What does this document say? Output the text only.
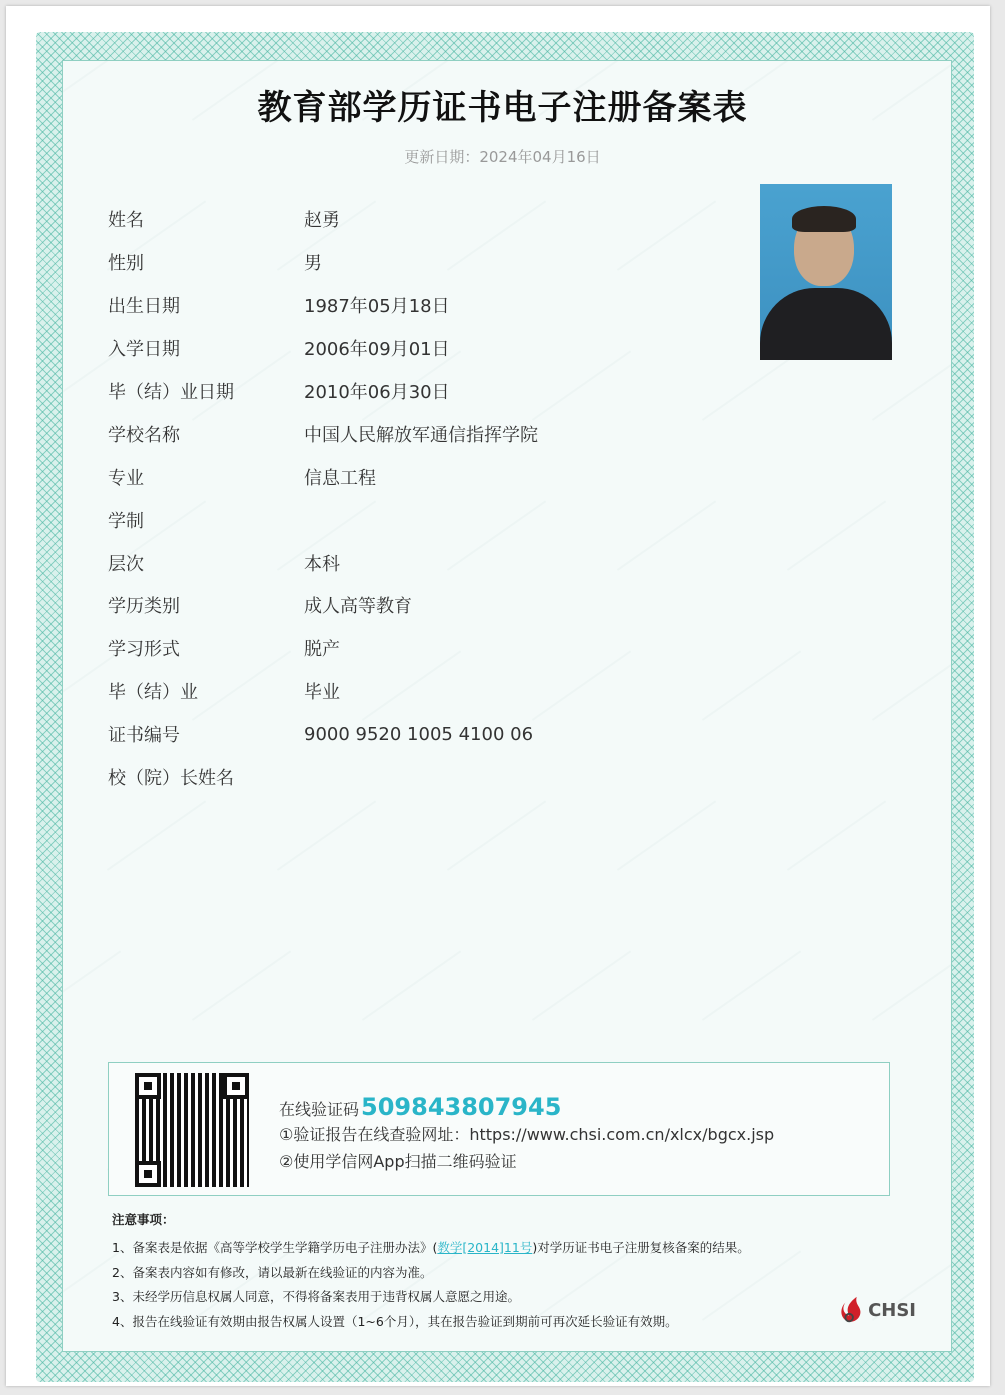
教育部学历证书电子注册备案表
更新日期：2024年04月16日
姓名	赵勇
性别	男
出生日期	1987年05月18日
入学日期	2006年09月01日
毕（结）业日期	2010年06月30日
学校名称	中国人民解放军通信指挥学院
专业	信息工程
学制
层次	本科
学历类别	成人高等教育
学习形式	脱产
毕（结）业	毕业
证书编号	9000 9520 1005 4100 06
校（院）长姓名
在线验证码 509843807945
①验证报告在线查验网址：https://www.chsi.com.cn/xlcx/bgcx.jsp
②使用学信网App扫描二维码验证
注意事项：
1、备案表是依据《高等学校学生学籍学历电子注册办法》(教学[2014]11号)对学历证书电子注册复核备案的结果。
2、备案表内容如有修改，请以最新在线验证的内容为准。
3、未经学历信息权属人同意，不得将备案表用于违背权属人意愿之用途。
4、报告在线验证有效期由报告权属人设置（1~6个月），其在报告验证到期前可再次延长验证有效期。
CHSI
